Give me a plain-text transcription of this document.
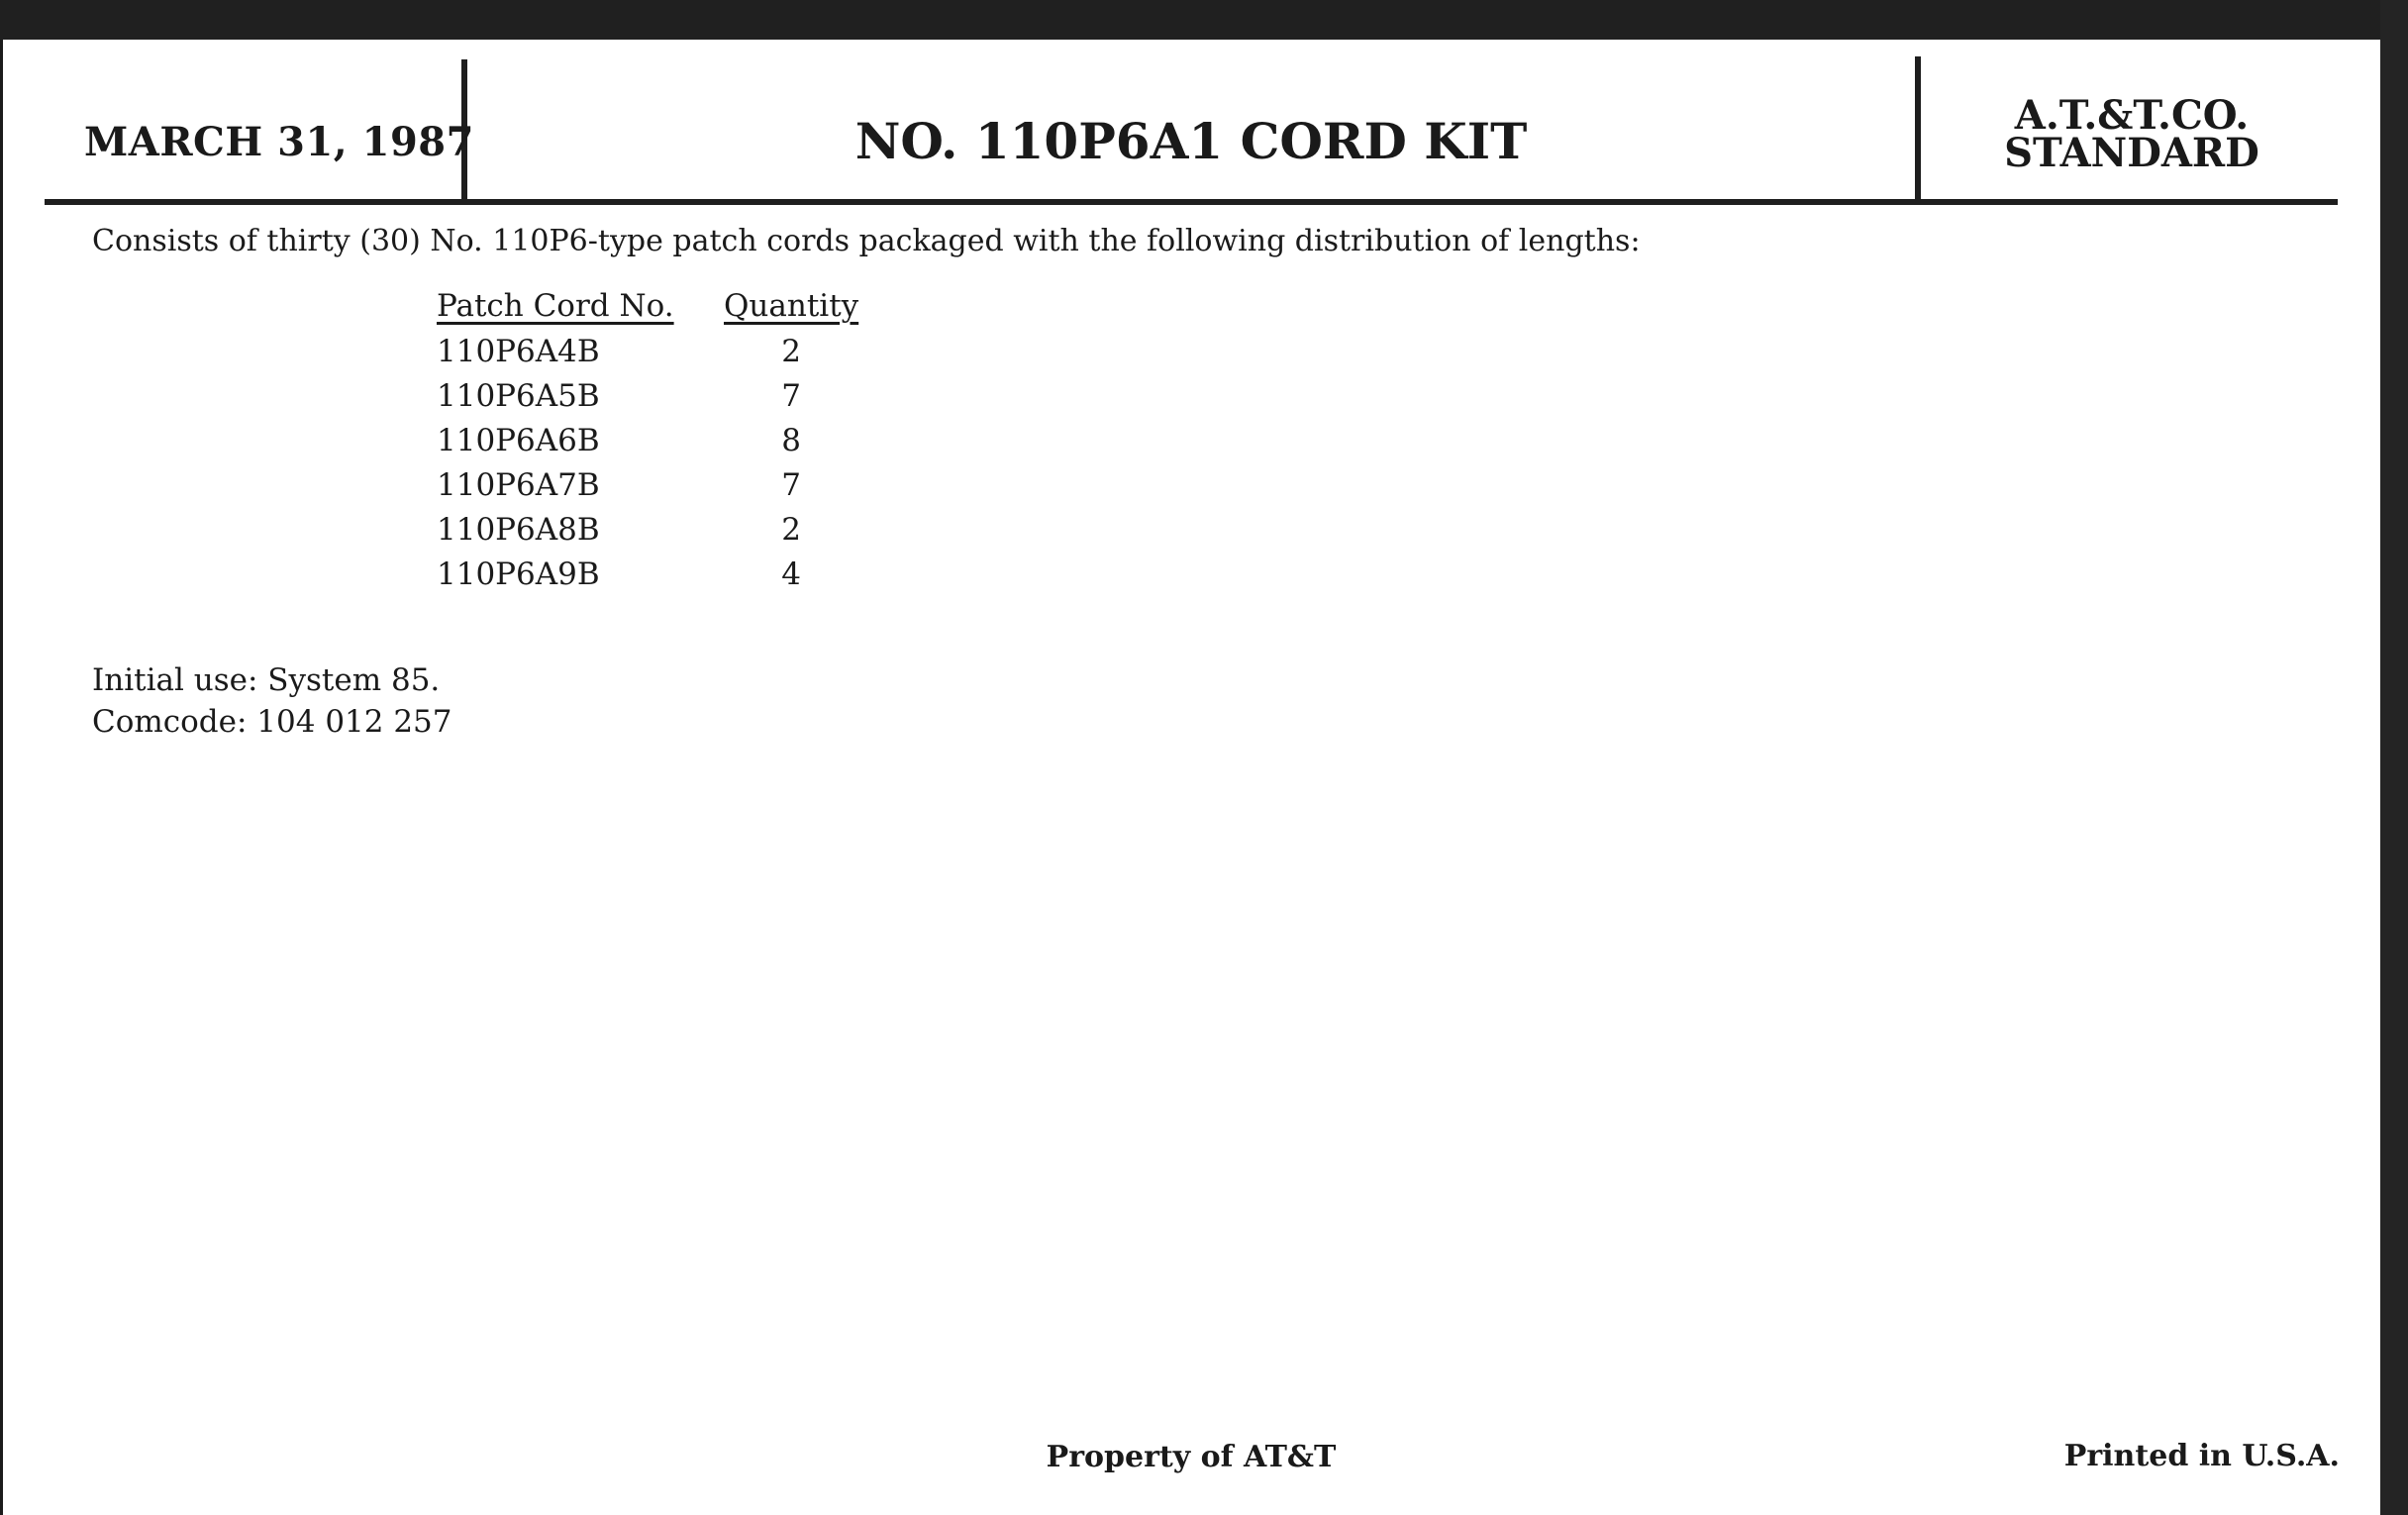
MARCH 31, 1987	NO. 110P6A1 CORD KIT	A.T.&T.CO.
STANDARD
Consists of thirty (30) No. 110P6-type patch cords packaged with the following distribution of lengths:
Patch Cord No.	Quantity
110P6A4B	2
110P6A5B	7
110P6A6B	8
110P6A7B	7
110P6A8B	2
110P6A9B	4
Initial use: System 85.
Comcode: 104 012 257
Property of AT&T	Printed in U.S.A.
